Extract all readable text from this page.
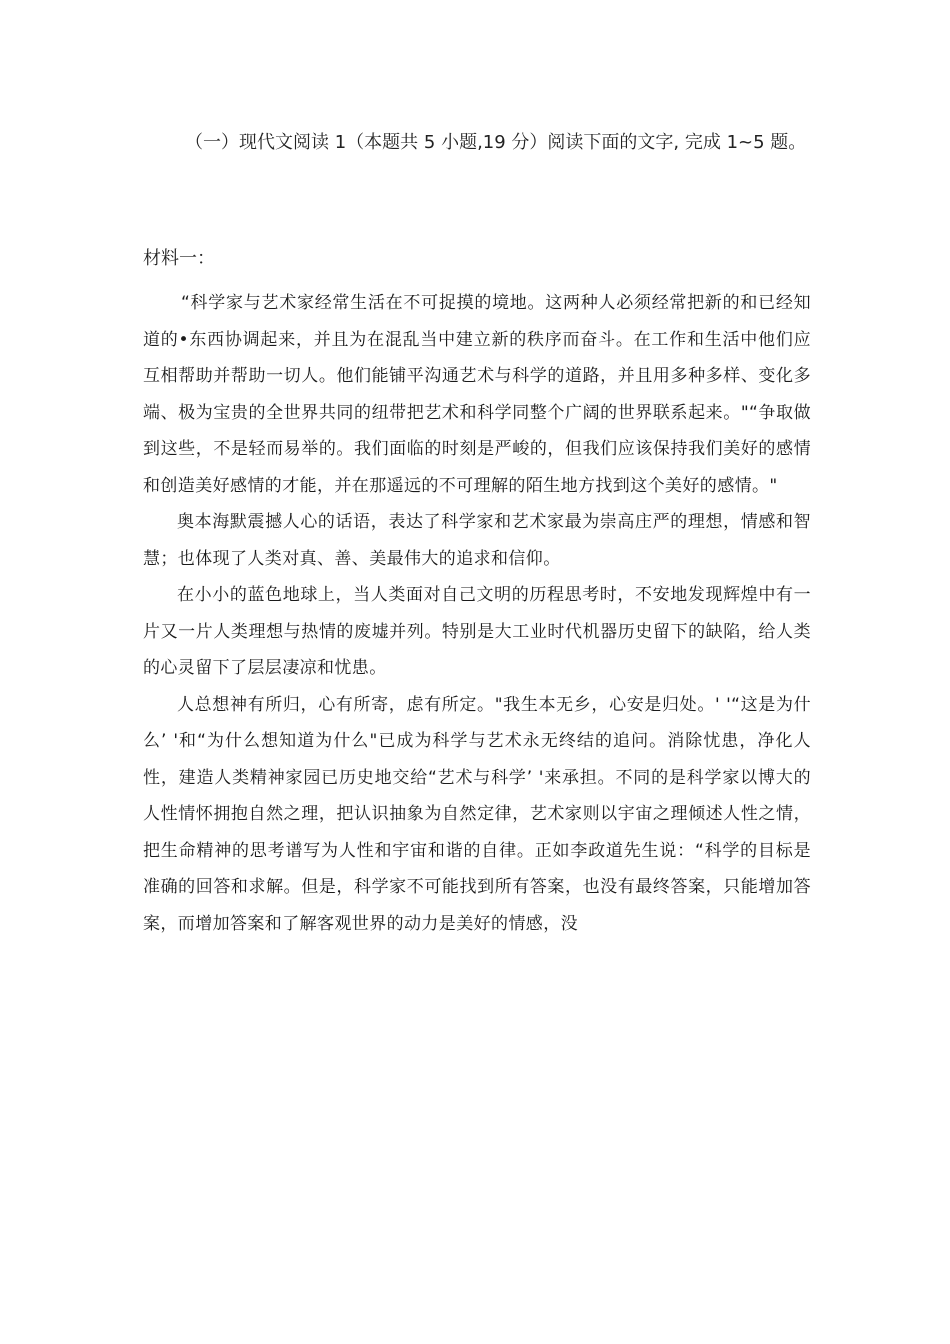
（一）现代文阅读 1（本题共 5 小题,19 分）阅读下面的文字, 完成 1~5 题。
材料一：

“科学家与艺术家经常生活在不可捉摸的境地。这两种人必须经常把新的和已经知道的•东西协调起来，并且为在混乱当中建立新的秩序而奋斗。在工作和生活中他们应互相帮助并帮助一切人。他们能铺平沟通艺术与科学的道路，并且用多种多样、变化多端、极为宝贵的全世界共同的纽带把艺术和科学同整个广阔的世界联系起来。"“争取做到这些，不是轻而易举的。我们面临的时刻是严峻的，但我们应该保持我们美好的感情和创造美好感情的才能，并在那遥远的不可理解的陌生地方找到这个美好的感情。"

奥本海默震撼人心的话语，表达了科学家和艺术家最为崇高庄严的理想，情感和智慧；也体现了人类对真、善、美最伟大的追求和信仰。

在小小的蓝色地球上，当人类面对自己文明的历程思考时，不安地发现辉煌中有一片又一片人类理想与热情的废墟并列。特别是大工业时代机器历史留下的缺陷，给人类的心灵留下了层层凄凉和忧患。

人总想神有所归，心有所寄，虑有所定。"我生本无乡，心安是归处。' '“这是为什么’ '和“为什么想知道为什么"已成为科学与艺术永无终结的追问。消除忧患，净化人性，建造人类精神家园已历史地交给“艺术与科学’ '来承担。不同的是科学家以博大的人性情怀拥抱自然之理，把认识抽象为自然定律，艺术家则以宇宙之理倾述人性之情，把生命精神的思考谱写为人性和宇宙和谐的自律。正如李政道先生说：“科学的目标是准确的回答和求解。但是，科学家不可能找到所有答案，也没有最终答案，只能增加答案，而增加答案和了解客观世界的动力是美好的情感，没
